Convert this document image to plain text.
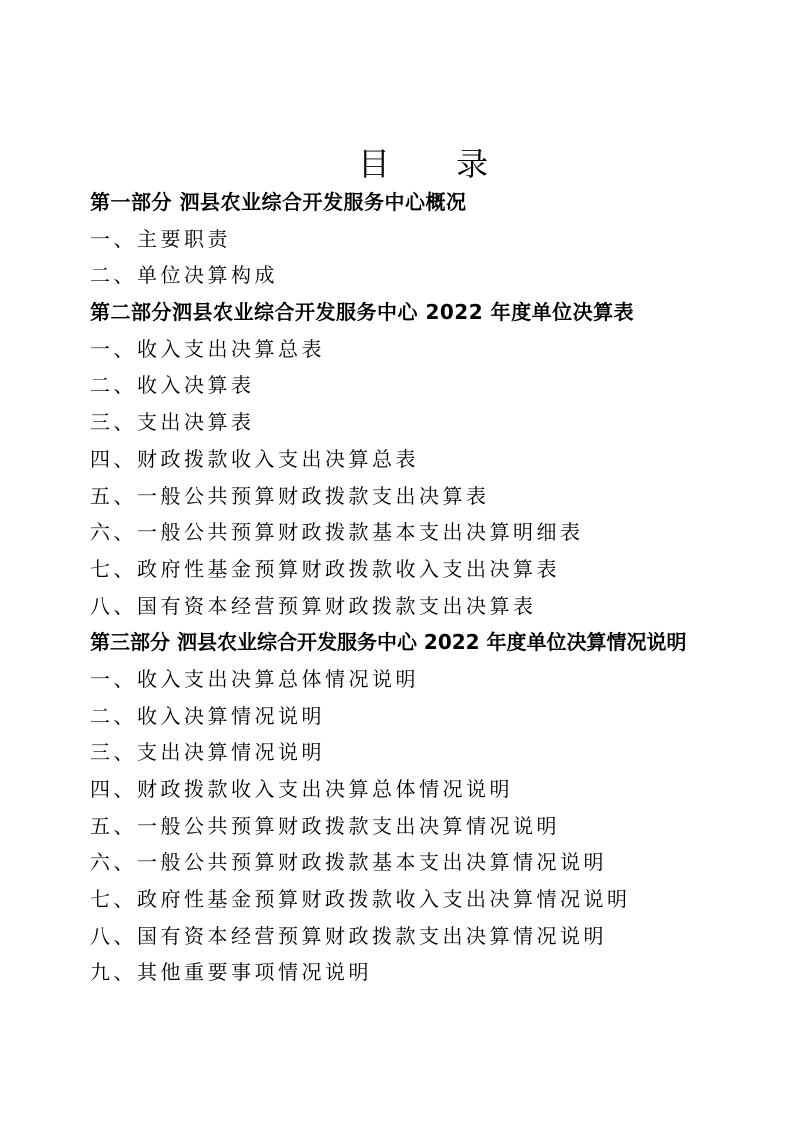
目 录
第一部分 泗县农业综合开发服务中心概况
一、主要职责
二、单位决算构成
第二部分泗县农业综合开发服务中心 2022 年度单位决算表
一、收入支出决算总表
二、收入决算表
三、支出决算表
四、财政拨款收入支出决算总表
五、一般公共预算财政拨款支出决算表
六、一般公共预算财政拨款基本支出决算明细表
七、政府性基金预算财政拨款收入支出决算表
八、国有资本经营预算财政拨款支出决算表
第三部分 泗县农业综合开发服务中心 2022 年度单位决算情况说明
一、收入支出决算总体情况说明
二、收入决算情况说明
三、支出决算情况说明
四、财政拨款收入支出决算总体情况说明
五、一般公共预算财政拨款支出决算情况说明
六、一般公共预算财政拨款基本支出决算情况说明
七、政府性基金预算财政拨款收入支出决算情况说明
八、国有资本经营预算财政拨款支出决算情况说明
九、其他重要事项情况说明
